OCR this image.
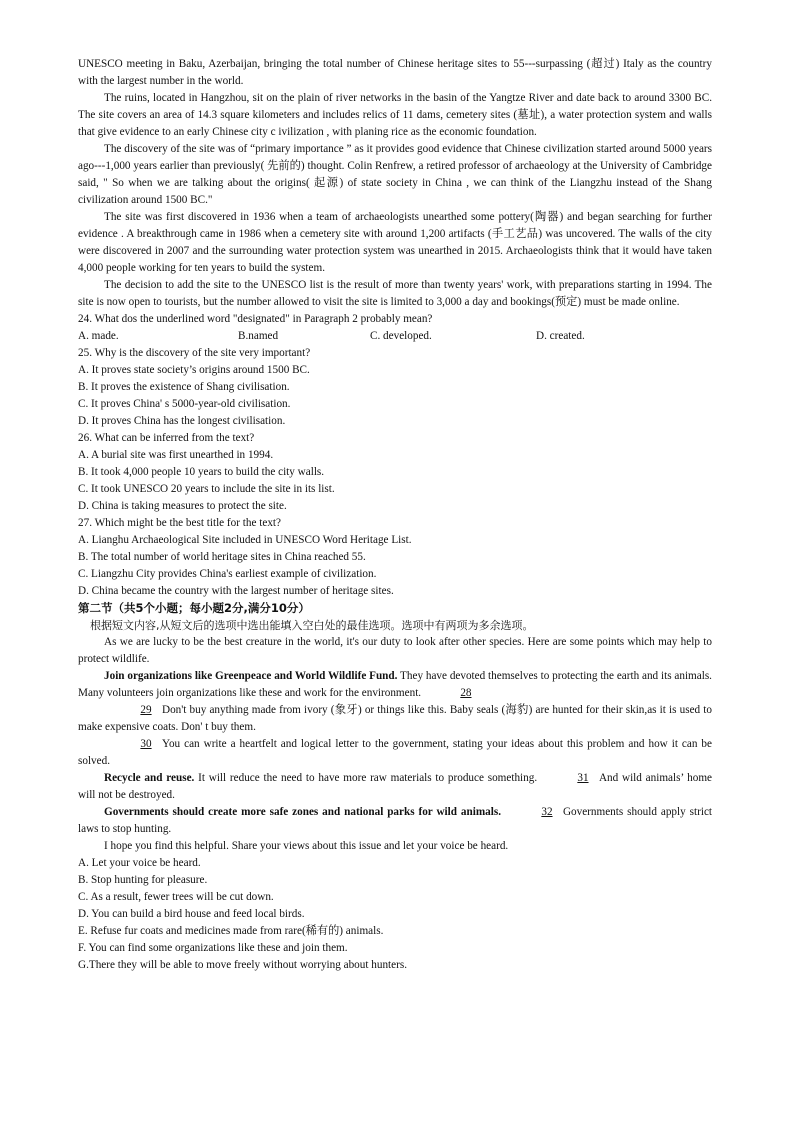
UNESCO meeting in Baku, Azerbaijan, bringing the total number of Chinese heritage sites to 55---surpassing (超过) Italy as the country with the largest number in the world.

The ruins, located in Hangzhou, sit on the plain of river networks in the basin of the Yangtze River and date back to around 3300 BC. The site covers an area of 14.3 square kilometers and includes relics of 11 dams, cemetery sites (墓址), a water protection system and walls that give evidence to an early Chinese city c ivilization , with planing rice as the economic foundation.

The discovery of the site was of “primary importance ” as it provides good evidence that Chinese civilization started around 5000 years ago---1,000 years earlier than previously( 先前的) thought. Colin Renfrew, a retired professor of archaeology at the University of Cambridge said, " So when we are talking about the origins( 起源) of state society in China , we can think of the Liangzhu instead of the Shang civilization around 1500 BC."

The site was first discovered in 1936 when a team of archaeologists unearthed some pottery(陶器) and began searching for further evidence . A breakthrough came in 1986 when a cemetery site with around 1,200 artifacts (手工艺品) was uncovered. The walls of the city were discovered in 2007 and the surrounding water protection system was unearthed in 2015. Archaeologists think that it would have taken 4,000 people working for ten years to build the system.

The decision to add the site to the UNESCO list is the result of more than twenty years' work, with preparations starting in 1994. The site is now open to tourists, but the number allowed to visit the site is limited to 3,000 a day and bookings(预定) must be made online.

24. What dos the underlined word "designated" in Paragraph 2 probably mean?
A. made.	B.named	C. developed.	D. created.
25. Why is the discovery of the site very important?
A. It proves state society’s origins around 1500 BC.
B. It proves the existence of Shang civilisation.
C. It proves China' s 5000-year-old civilisation.
D. It proves China has the longest civilisation.
26. What can be inferred from the text?
A. A burial site was first unearthed in 1994.
B. It took 4,000 people 10 years to build the city walls.
C. It took UNESCO 20 years to include the site in its list.
D. China is taking measures to protect the site.
27. Which might be the best title for the text?
A. Lianghu Archaeological Site included in UNESCO Word Heritage List.
B. The total number of world heritage sites in China reached 55.
C. Liangzhu City provides China's earliest example of civilization.
D. China became the country with the largest number of heritage sites.
第二节（共5个小题；每小题2分,满分10分）
根据短文内容,从短文后的选项中选出能填入空白处的最佳选项。选项中有两项为多余选项。

As we are lucky to be the best creature in the world, it's our duty to look after other species. Here are some points which may help to protect wildlife.

Join organizations like Greenpeace and World Wildlife Fund. They have devoted themselves to protecting the earth and its animals. Many volunteers join organizations like these and work for the environment.	28

29 Don't buy anything made from ivory (象牙) or things like this. Baby seals (海豹) are hunted for their skin,as it is used to make expensive coats. Don' t buy them.

30 You can write a heartfelt and logical letter to the government, stating your ideas about this problem and how it can be solved.

Recycle and reuse. It will reduce the need to have more raw materials to produce something.	31 And wild animals’ home will not be destroyed.

Governments should create more safe zones and national parks for wild animals.	32 Governments should apply strict laws to stop hunting.

I hope you find this helpful. Share your views about this issue and let your voice be heard.

A. Let your voice be heard.
B. Stop hunting for pleasure.
C. As a result, fewer trees will be cut down.
D. You can build a bird house and feed local birds.
E. Refuse fur coats and medicines made from rare(稀有的) animals.
F. You can find some organizations like these and join them.
G.There they will be able to move freely without worrying about hunters.
